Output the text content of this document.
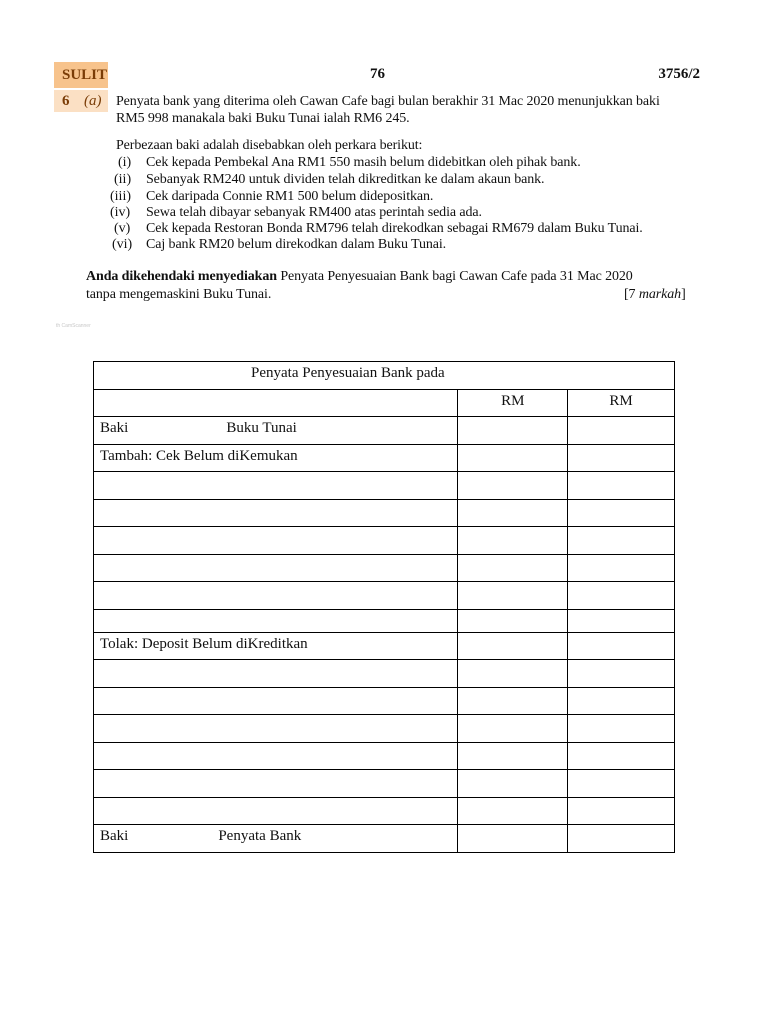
SULIT	76	3756/2
6 (a) Penyata bank yang diterima oleh Cawan Cafe bagi bulan berakhir 31 Mac 2020 menunjukkan baki
RM5 998 manakala baki Buku Tunai ialah RM6 245.
Perbezaan baki adalah disebabkan oleh perkara berikut:
(i) Cek kepada Pembekal Ana RM1 550 masih belum didebitkan oleh pihak bank.
(ii) Sebanyak RM240 untuk dividen telah dikreditkan ke dalam akaun bank.
(iii) Cek daripada Connie RM1 500 belum didepositkan.
(iv) Sewa telah dibayar sebanyak RM400 atas perintah sedia ada.
(v) Cek kepada Restoran Bonda RM796 telah direkodkan sebagai RM679 dalam Buku Tunai.
(vi) Caj bank RM20 belum direkodkan dalam Buku Tunai.
Anda dikehendaki menyediakan Penyata Penyesuaian Bank bagi Cawan Cafe pada 31 Mac 2020
tanpa mengemaskini Buku Tunai.	[7 markah]
th CamScanner
Penyata Penyesuaian Bank pada		
	RM	RM
Baki Buku Tunai		
Tambah: Cek Belum diKemukan		

Tolak: Deposit Belum diKreditkan		

Baki Penyata Bank		
